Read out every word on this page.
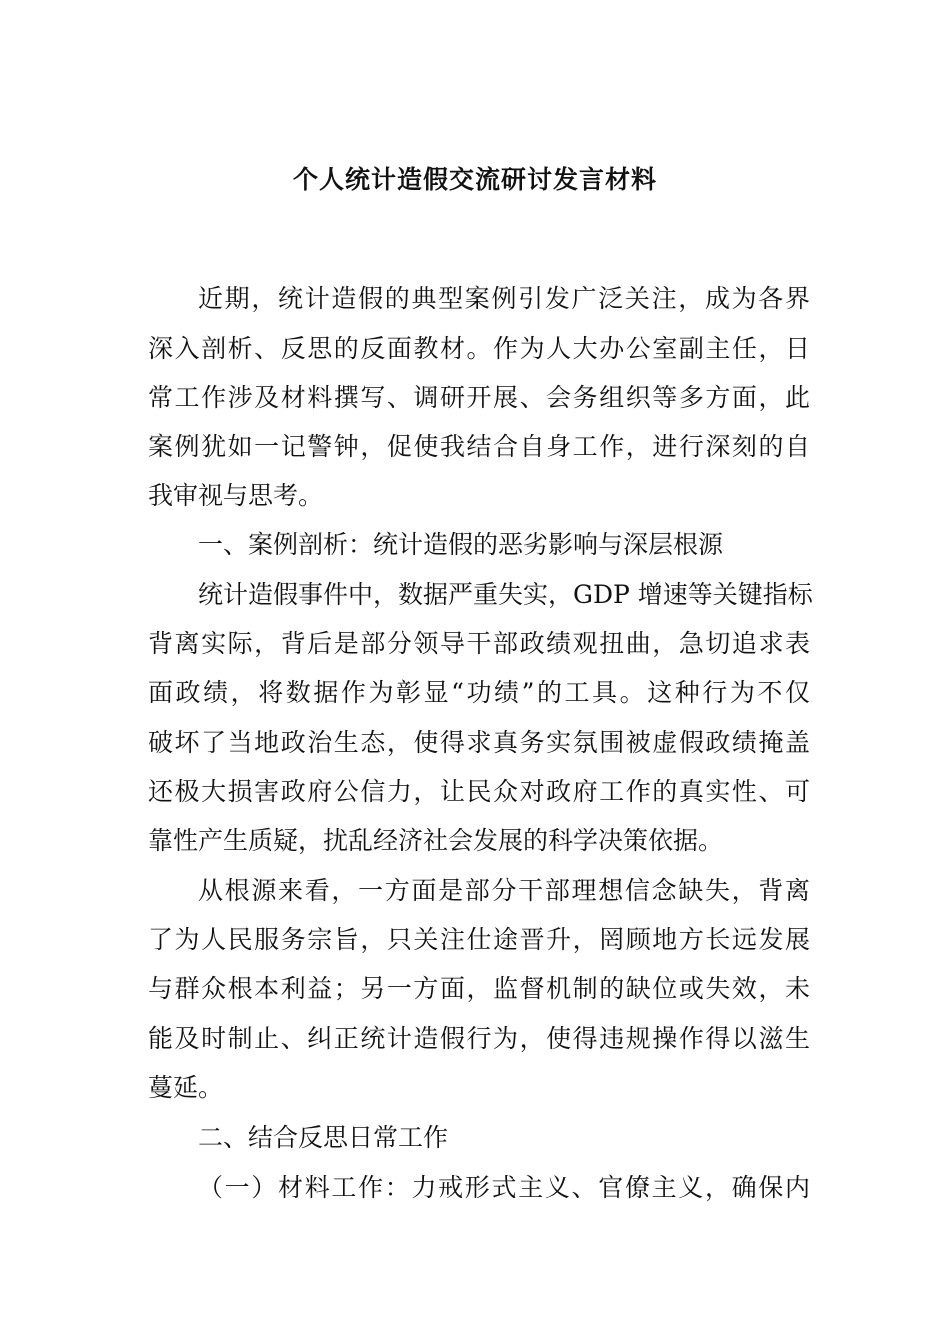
个人统计造假交流研讨发言材料
近期，统计造假的典型案例引发广泛关注，成为各界
深入剖析、反思的反面教材。作为人大办公室副主任，日
常工作涉及材料撰写、调研开展、会务组织等多方面，此
案例犹如一记警钟，促使我结合自身工作，进行深刻的自
我审视与思考。
一、案例剖析：统计造假的恶劣影响与深层根源
统计造假事件中，数据严重失实，GDP 增速等关键指标
背离实际，背后是部分领导干部政绩观扭曲，急切追求表
面政绩，将数据作为彰显“功绩”的工具。这种行为不仅
破坏了当地政治生态，使得求真务实氛围被虚假政绩掩盖
还极大损害政府公信力，让民众对政府工作的真实性、可
靠性产生质疑，扰乱经济社会发展的科学决策依据。
从根源来看，一方面是部分干部理想信念缺失，背离
了为人民服务宗旨，只关注仕途晋升，罔顾地方长远发展
与群众根本利益；另一方面，监督机制的缺位或失效，未
能及时制止、纠正统计造假行为，使得违规操作得以滋生
蔓延。
二、结合反思日常工作
（一）材料工作：力戒形式主义、官僚主义，确保内
